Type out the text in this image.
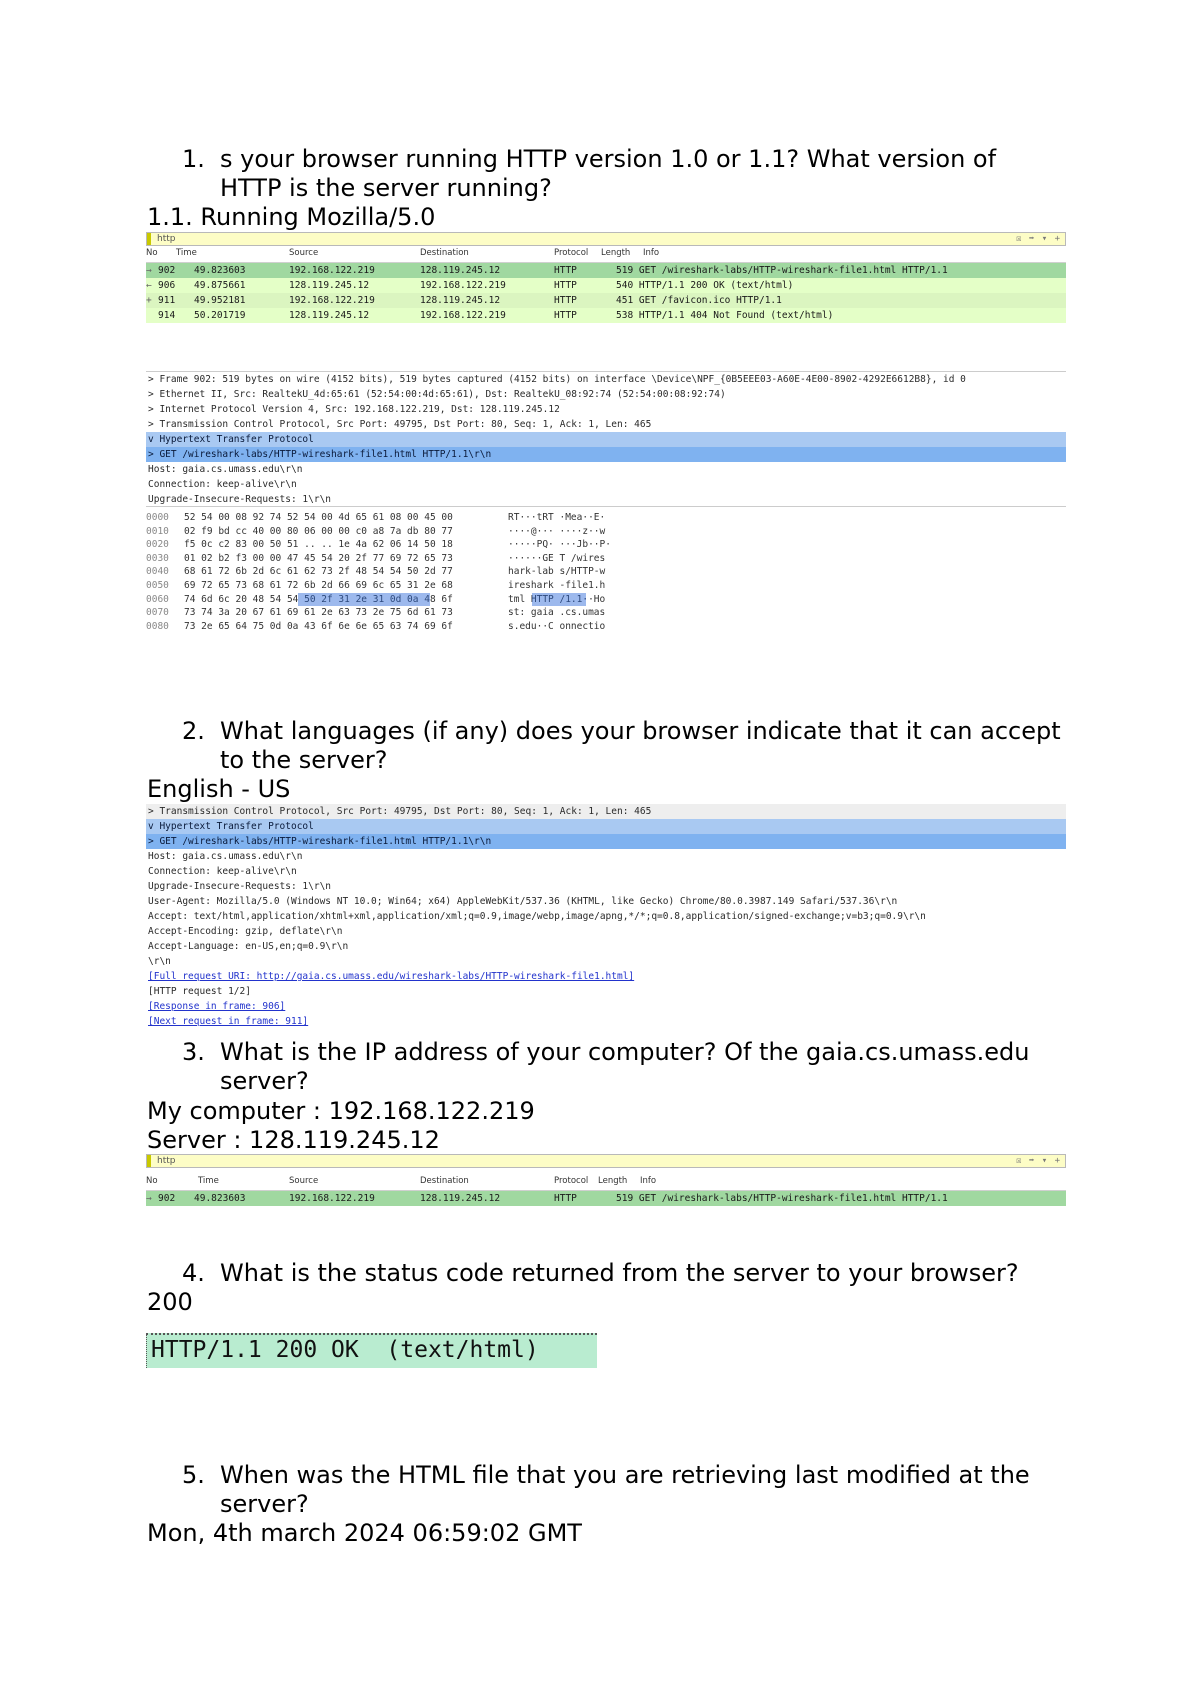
1. s your browser running HTTP version 1.0 or 1.1? What version of HTTP is the server running?
1.1. Running Mozilla/5.0
http	☒ ➡ ▾ +
No Time	Source	Destination	Protocol Length Info
→ 902 49.823603	192.168.122.219	128.119.245.12	HTTP	519 GET /wireshark-labs/HTTP-wireshark-file1.html HTTP/1.1
← 906 49.875661	128.119.245.12	192.168.122.219	HTTP	540 HTTP/1.1 200 OK (text/html)
+ 911 49.952181	192.168.122.219	128.119.245.12	HTTP	451 GET /favicon.ico HTTP/1.1
914 50.201719	128.119.245.12	192.168.122.219	HTTP	538 HTTP/1.1 404 Not Found (text/html)
> Frame 902: 519 bytes on wire (4152 bits), 519 bytes captured (4152 bits) on interface \Device\NPF_{0B5EEE03-A60E-4E00-8902-4292E6612B8}, id 0
> Ethernet II, Src: RealtekU_4d:65:61 (52:54:00:4d:65:61), Dst: RealtekU_08:92:74 (52:54:00:08:92:74)
> Internet Protocol Version 4, Src: 192.168.122.219, Dst: 128.119.245.12
> Transmission Control Protocol, Src Port: 49795, Dst Port: 80, Seq: 1, Ack: 1, Len: 465
v Hypertext Transfer Protocol
> GET /wireshark-labs/HTTP-wireshark-file1.html HTTP/1.1\r\n
Host: gaia.cs.umass.edu\r\n
Connection: keep-alive\r\n
Upgrade-Insecure-Requests: 1\r\n
0000 52 54 00 08 92 74 52 54 00 4d 65 61 08 00 45 00	RT···tRT ·Mea··E·
0010 02 f9 bd cc 40 00 80 06 00 00 c0 a8 7a db 80 77	····@··· ····z··w
0020 f5 0c c2 83 00 50 51 .. .. 1e 4a 62 06 14 50 18	·····PQ· ···Jb··P·
0030 01 02 b2 f3 00 00 47 45 54 20 2f 77 69 72 65 73	······GE T /wires
0040 68 61 72 6b 2d 6c 61 62 73 2f 48 54 54 50 2d 77	hark-lab s/HTTP-w
0050 69 72 65 73 68 61 72 6b 2d 66 69 6c 65 31 2e 68	ireshark -file1.h
0060 74 6d 6c 20 48 54 54 50 2f 31 2e 31 0d 0a 48 6f	tml HTTP /1.1··Ho
0070 73 74 3a 20 67 61 69 61 2e 63 73 2e 75 6d 61 73	st: gaia .cs.umas
0080 73 2e 65 64 75 0d 0a 43 6f 6e 6e 65 63 74 69 6f	s.edu··C onnectio
2. What languages (if any) does your browser indicate that it can accept to the server?
English - US
> Transmission Control Protocol, Src Port: 49795, Dst Port: 80, Seq: 1, Ack: 1, Len: 465
v Hypertext Transfer Protocol
> GET /wireshark-labs/HTTP-wireshark-file1.html HTTP/1.1\r\n
Host: gaia.cs.umass.edu\r\n
Connection: keep-alive\r\n
Upgrade-Insecure-Requests: 1\r\n
User-Agent: Mozilla/5.0 (Windows NT 10.0; Win64; x64) AppleWebKit/537.36 (KHTML, like Gecko) Chrome/80.0.3987.149 Safari/537.36\r\n
Accept: text/html,application/xhtml+xml,application/xml;q=0.9,image/webp,image/apng,*/*;q=0.8,application/signed-exchange;v=b3;q=0.9\r\n
Accept-Encoding: gzip, deflate\r\n
Accept-Language: en-US,en;q=0.9\r\n
\r\n
[Full request URI: http://gaia.cs.umass.edu/wireshark-labs/HTTP-wireshark-file1.html]
[HTTP request 1/2]
[Response in frame: 906]
[Next request in frame: 911]
3. What is the IP address of your computer? Of the gaia.cs.umass.edu server?
My computer : 192.168.122.219
Server : 128.119.245.12
http	☒ ➡ ▾ +
No	Time	Source	Destination	Protocol Length Info
→ 902 49.823603	192.168.122.219	128.119.245.12	HTTP	519 GET /wireshark-labs/HTTP-wireshark-file1.html HTTP/1.1
4. What is the status code returned from the server to your browser?
200
HTTP/1.1 200 OK  (text/html)
5. When was the HTML file that you are retrieving last modified at the server?
Mon, 4th march 2024 06:59:02 GMT
